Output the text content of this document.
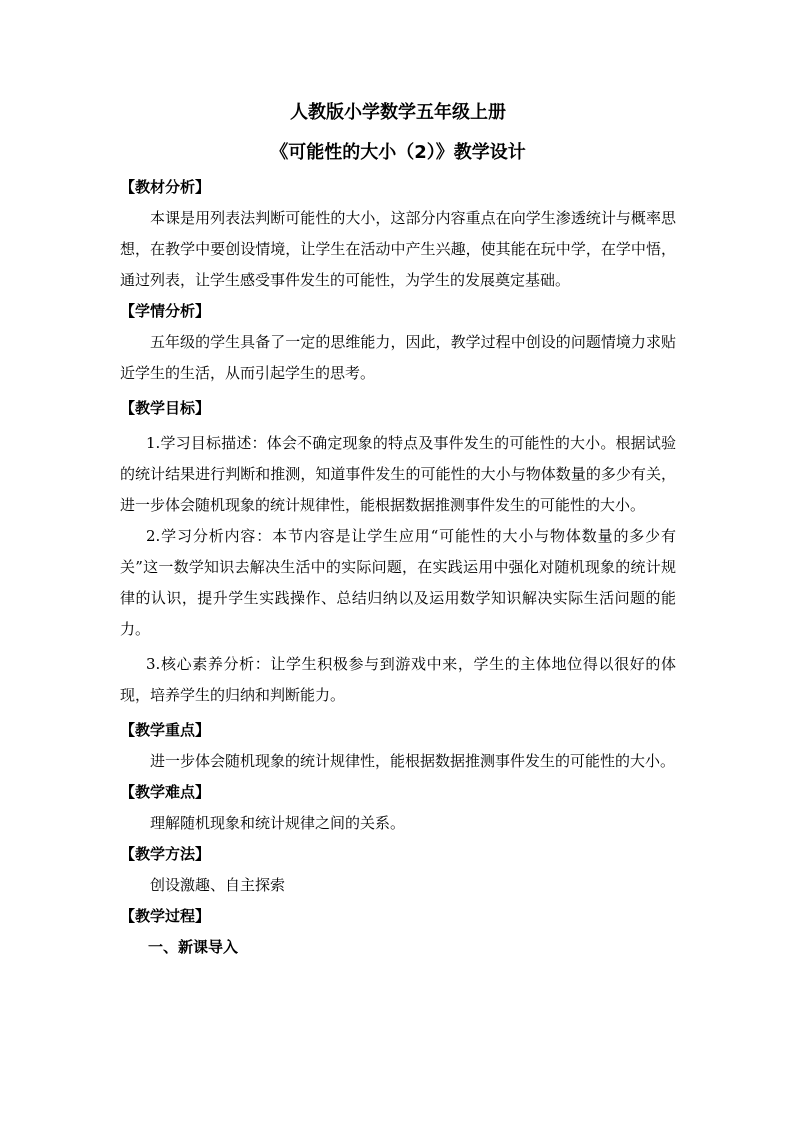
人教版小学数学五年级上册
《可能性的大小（2）》教学设计

【教材分析】

本课是用列表法判断可能性的大小，这部分内容重点在向学生渗透统计与概率思想，在教学中要创设情境，让学生在活动中产生兴趣，使其能在玩中学，在学中悟，通过列表，让学生感受事件发生的可能性，为学生的发展奠定基础。

【学情分析】

五年级的学生具备了一定的思维能力，因此，教学过程中创设的问题情境力求贴近学生的生活，从而引起学生的思考。

【教学目标】

1.学习目标描述：体会不确定现象的特点及事件发生的可能性的大小。根据试验的统计结果进行判断和推测，知道事件发生的可能性的大小与物体数量的多少有关，进一步体会随机现象的统计规律性，能根据数据推测事件发生的可能性的大小。

2.学习分析内容：本节内容是让学生应用“可能性的大小与物体数量的多少有关”这一数学知识去解决生活中的实际问题，在实践运用中强化对随机现象的统计规律的认识，提升学生实践操作、总结归纳以及运用数学知识解决实际生活问题的能力。

3.核心素养分析：让学生积极参与到游戏中来，学生的主体地位得以很好的体现，培养学生的归纳和判断能力。

【教学重点】

进一步体会随机现象的统计规律性，能根据数据推测事件发生的可能性的大小。

【教学难点】

理解随机现象和统计规律之间的关系。

【教学方法】

创设激趣、自主探索

【教学过程】

一、新课导入
